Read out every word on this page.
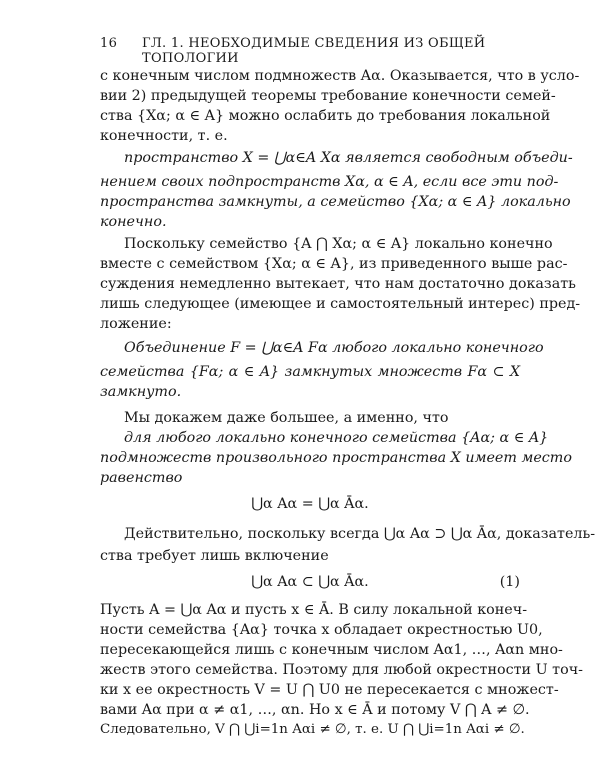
16 ГЛ. 1. НЕОБХОДИМЫЕ СВЕДЕНИЯ ИЗ ОБЩЕЙ ТОПОЛОГИИ
с конечным числом подмножеств Aα. Оказывается, что в усло-
вии 2) предыдущей теоремы требование конечности семей-
ства {Xα; α ∈ A} можно ослабить до требования локальной
конечности, т. е.
пространство X = ⋃α∈A Xα является свободным объеди-
нением своих подпространств Xα, α ∈ A, если все эти под-
пространства замкнуты, а семейство {Xα; α ∈ A} локально
конечно.
Поскольку семейство {A ⋂ Xα; α ∈ A} локально конечно
вместе с семейством {Xα; α ∈ A}, из приведенного выше рас-
суждения немедленно вытекает, что нам достаточно доказать
лишь следующее (имеющее и самостоятельный интерес) пред-
ложение:
Объединение F = ⋃α∈A Fα любого локально конечного
семейства {Fα; α ∈ A} замкнутых множеств Fα ⊂ X
замкнуто.
Мы докажем даже большее, а именно, что
для любого локально конечного семейства {Aα; α ∈ A}
подмножеств произвольного пространства X имеет место
равенство
⋃α Aα = ⋃α Āα.
Действительно, поскольку всегда ⋃α Aα ⊃ ⋃α Āα, доказатель-
ства требует лишь включение
⋃α Aα ⊂ ⋃α Āα.	(1)
Пусть A = ⋃α Aα и пусть x ∈ Ā. В силу локальной конеч-
ности семейства {Aα} точка x обладает окрестностью U0,
пересекающейся лишь с конечным числом Aα1, …, Aαn мно-
жеств этого семейства. Поэтому для любой окрестности U точ-
ки x ее окрестность V = U ⋂ U0 не пересекается с множест-
вами Aα при α ≠ α1, …, αn. Но x ∈ Ā и потому V ⋂ A ≠ ∅.
Следовательно, V ⋂ ⋃i=1n Aαi ≠ ∅, т. е. U ⋂ ⋃i=1n Aαi ≠ ∅.
